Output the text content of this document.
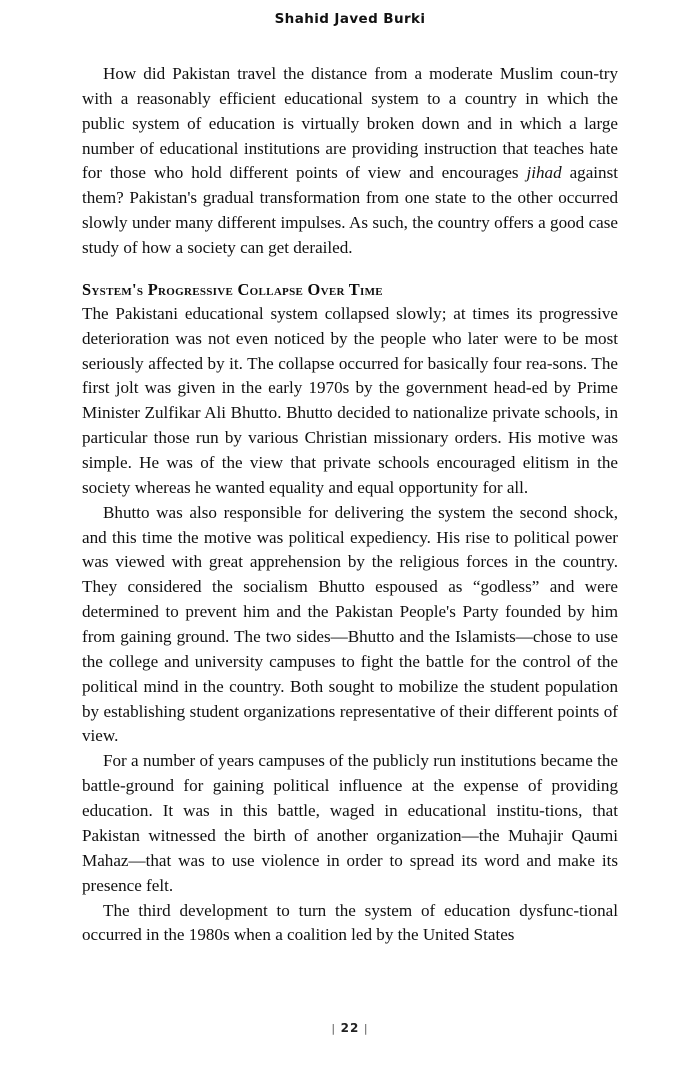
Shahid Javed Burki

How did Pakistan travel the distance from a moderate Muslim coun-try with a reasonably efficient educational system to a country in which the public system of education is virtually broken down and in which a large number of educational institutions are providing instruction that teaches hate for those who hold different points of view and encourages jihad against them? Pakistan's gradual transformation from one state to the other occurred slowly under many different impulses. As such, the country offers a good case study of how a society can get derailed.

System's Progressive Collapse Over Time

The Pakistani educational system collapsed slowly; at times its progressive deterioration was not even noticed by the people who later were to be most seriously affected by it. The collapse occurred for basically four rea-sons. The first jolt was given in the early 1970s by the government head-ed by Prime Minister Zulfikar Ali Bhutto. Bhutto decided to nationalize private schools, in particular those run by various Christian missionary orders. His motive was simple. He was of the view that private schools encouraged elitism in the society whereas he wanted equality and equal opportunity for all.

Bhutto was also responsible for delivering the system the second shock, and this time the motive was political expediency. His rise to political power was viewed with great apprehension by the religious forces in the country. They considered the socialism Bhutto espoused as “godless” and were determined to prevent him and the Pakistan People's Party founded by him from gaining ground. The two sides—Bhutto and the Islamists—chose to use the college and university campuses to fight the battle for the control of the political mind in the country. Both sought to mobilize the student population by establishing student organizations representative of their different points of view.

For a number of years campuses of the publicly run institutions became the battle-ground for gaining political influence at the expense of providing education. It was in this battle, waged in educational institu-tions, that Pakistan witnessed the birth of another organization—the Muhajir Qaumi Mahaz—that was to use violence in order to spread its word and make its presence felt.

The third development to turn the system of education dysfunc-tional occurred in the 1980s when a coalition led by the United States

| 22 |
